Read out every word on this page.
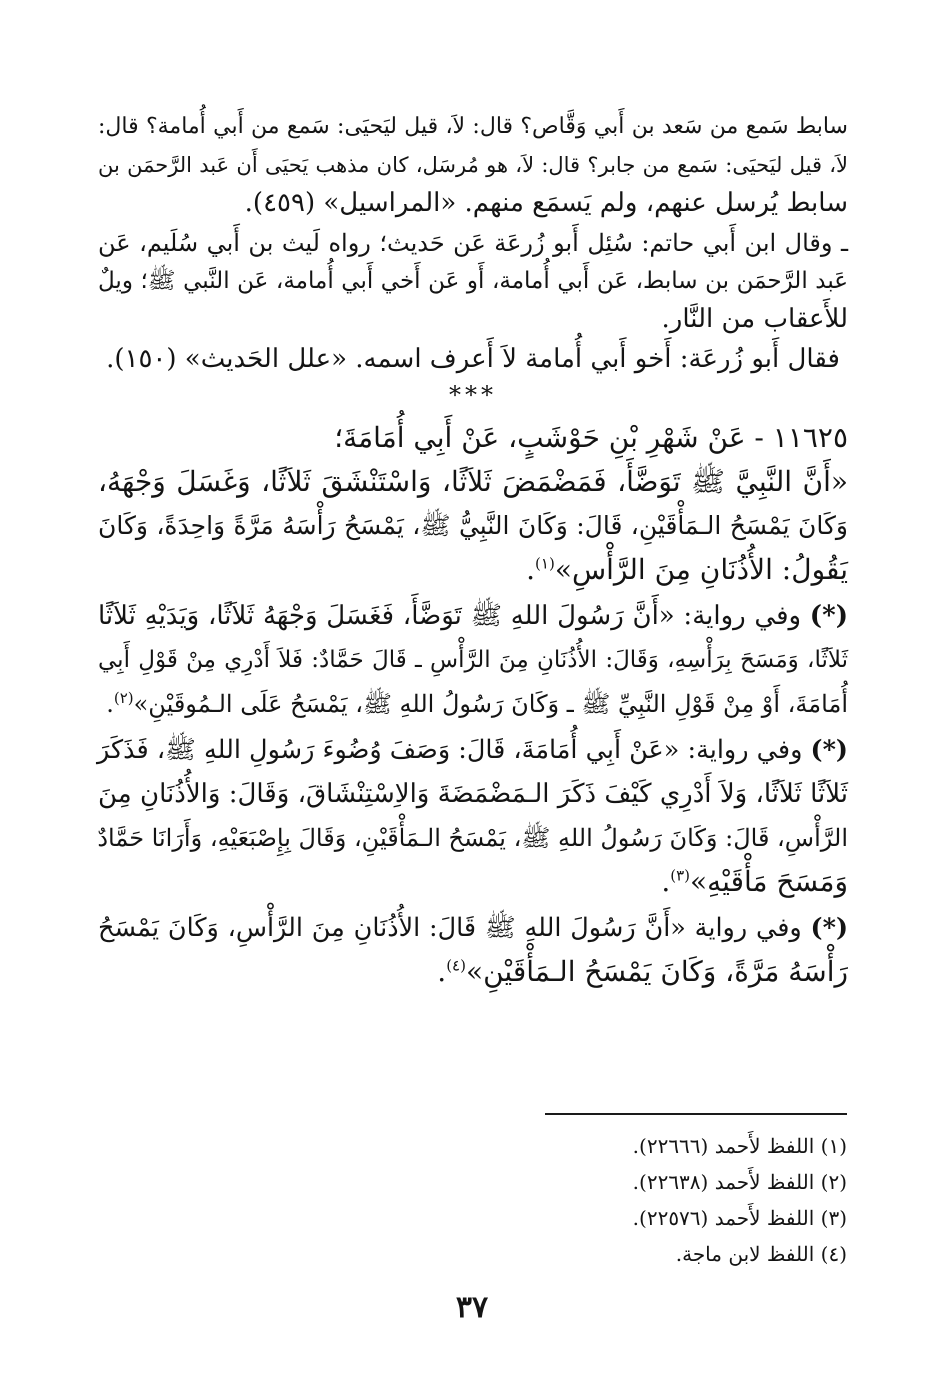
سابط سَمع من سَعد بن أَبي وَقَّاص؟ قال: لاَ، قيل ليَحيَى: سَمع من أَبي أُمامة؟ قال:
لاَ، قيل ليَحيَى: سَمع من جابر؟ قال: لاَ، هو مُرسَل، كان مذهب يَحيَى أَن عَبد الرَّحمَن بن
سابط يُرسل عنهم، ولم يَسمَع منهم. «المراسيل» (٤٥٩).
ـ وقال ابن أَبي حاتم: سُئِل أَبو زُرعَة عَن حَديث؛ رواه لَيث بن أَبي سُلَيم، عَن
عَبد الرَّحمَن بن سابط، عَن أَبي أُمامة، أَو عَن أَخي أَبي أُمامة، عَن النَّبي ﷺ؛ ويلٌ
للأَعقاب من النَّار.
فقال أَبو زُرعَة: أَخو أَبي أُمامة لاَ أَعرف اسمه. «علل الحَديث» (١٥٠).
***
١١٦٢٥ - عَنْ شَهْرِ بْنِ حَوْشَبٍ، عَنْ أَبِي أُمَامَةَ؛
«أَنَّ النَّبِيَّ ﷺ تَوَضَّأَ، فَمَضْمَضَ ثَلاَثًا، وَاسْتَنْشَقَ ثَلاَثًا، وَغَسَلَ وَجْهَهُ،
وَكَانَ يَمْسَحُ الـمَأْقَيْنِ، قَالَ: وَكَانَ النَّبِيُّ ﷺ، يَمْسَحُ رَأْسَهُ مَرَّةً وَاحِدَةً، وَكَانَ
يَقُولُ: الأُذُنَانِ مِنَ الرَّأْسِ»$^{(١)}$.
(*) وفي رواية: «أَنَّ رَسُولَ اللهِ ﷺ تَوَضَّأَ، فَغَسَلَ وَجْهَهُ ثَلاَثًا، وَيَدَيْهِ ثَلاَثًا
ثَلاَثًا، وَمَسَحَ بِرَأْسِهِ، وَقَالَ: الأُذُنَانِ مِنَ الرَّأْسِ ـ قَالَ حَمَّادٌ: فَلاَ أَدْرِي مِنْ قَوْلِ أَبِي
أُمَامَةَ، أَوْ مِنْ قَوْلِ النَّبِيِّ ﷺ ـ وَكَانَ رَسُولُ اللهِ ﷺ، يَمْسَحُ عَلَى الـمُوقَيْنِ»$^{(٢)}$.
(*) وفي رواية: «عَنْ أَبِي أُمَامَةَ، قَالَ: وَصَفَ وُضُوءَ رَسُولِ اللهِ ﷺ، فَذَكَرَ
ثَلاَثًا ثَلاَثًا، وَلاَ أَدْرِي كَيْفَ ذَكَرَ الـمَضْمَضَةَ وَالاِسْتِنْشَاقَ، وَقَالَ: وَالأُذُنَانِ مِنَ
الرَّأْسِ، قَالَ: وَكَانَ رَسُولُ اللهِ ﷺ، يَمْسَحُ الـمَأْقَيْنِ، وَقَالَ بِإِصْبَعَيْهِ، وَأَرَانَا حَمَّادٌ
وَمَسَحَ مَأْقَيْهِ»$^{(٣)}$.
(*) وفي رواية «أَنَّ رَسُولَ اللهِ ﷺ قَالَ: الأُذُنَانِ مِنَ الرَّأْسِ، وَكَانَ يَمْسَحُ
رَأْسَهُ مَرَّةً، وَكَانَ يَمْسَحُ الـمَأْقَيْنِ»$^{(٤)}$.
(١) اللفظ لأَحمد (٢٢٦٦٦).
(٢) اللفظ لأَحمد (٢٢٦٣٨).
(٣) اللفظ لأَحمد (٢٢٥٧٦).
(٤) اللفظ لابن ماجة.
٣٧
